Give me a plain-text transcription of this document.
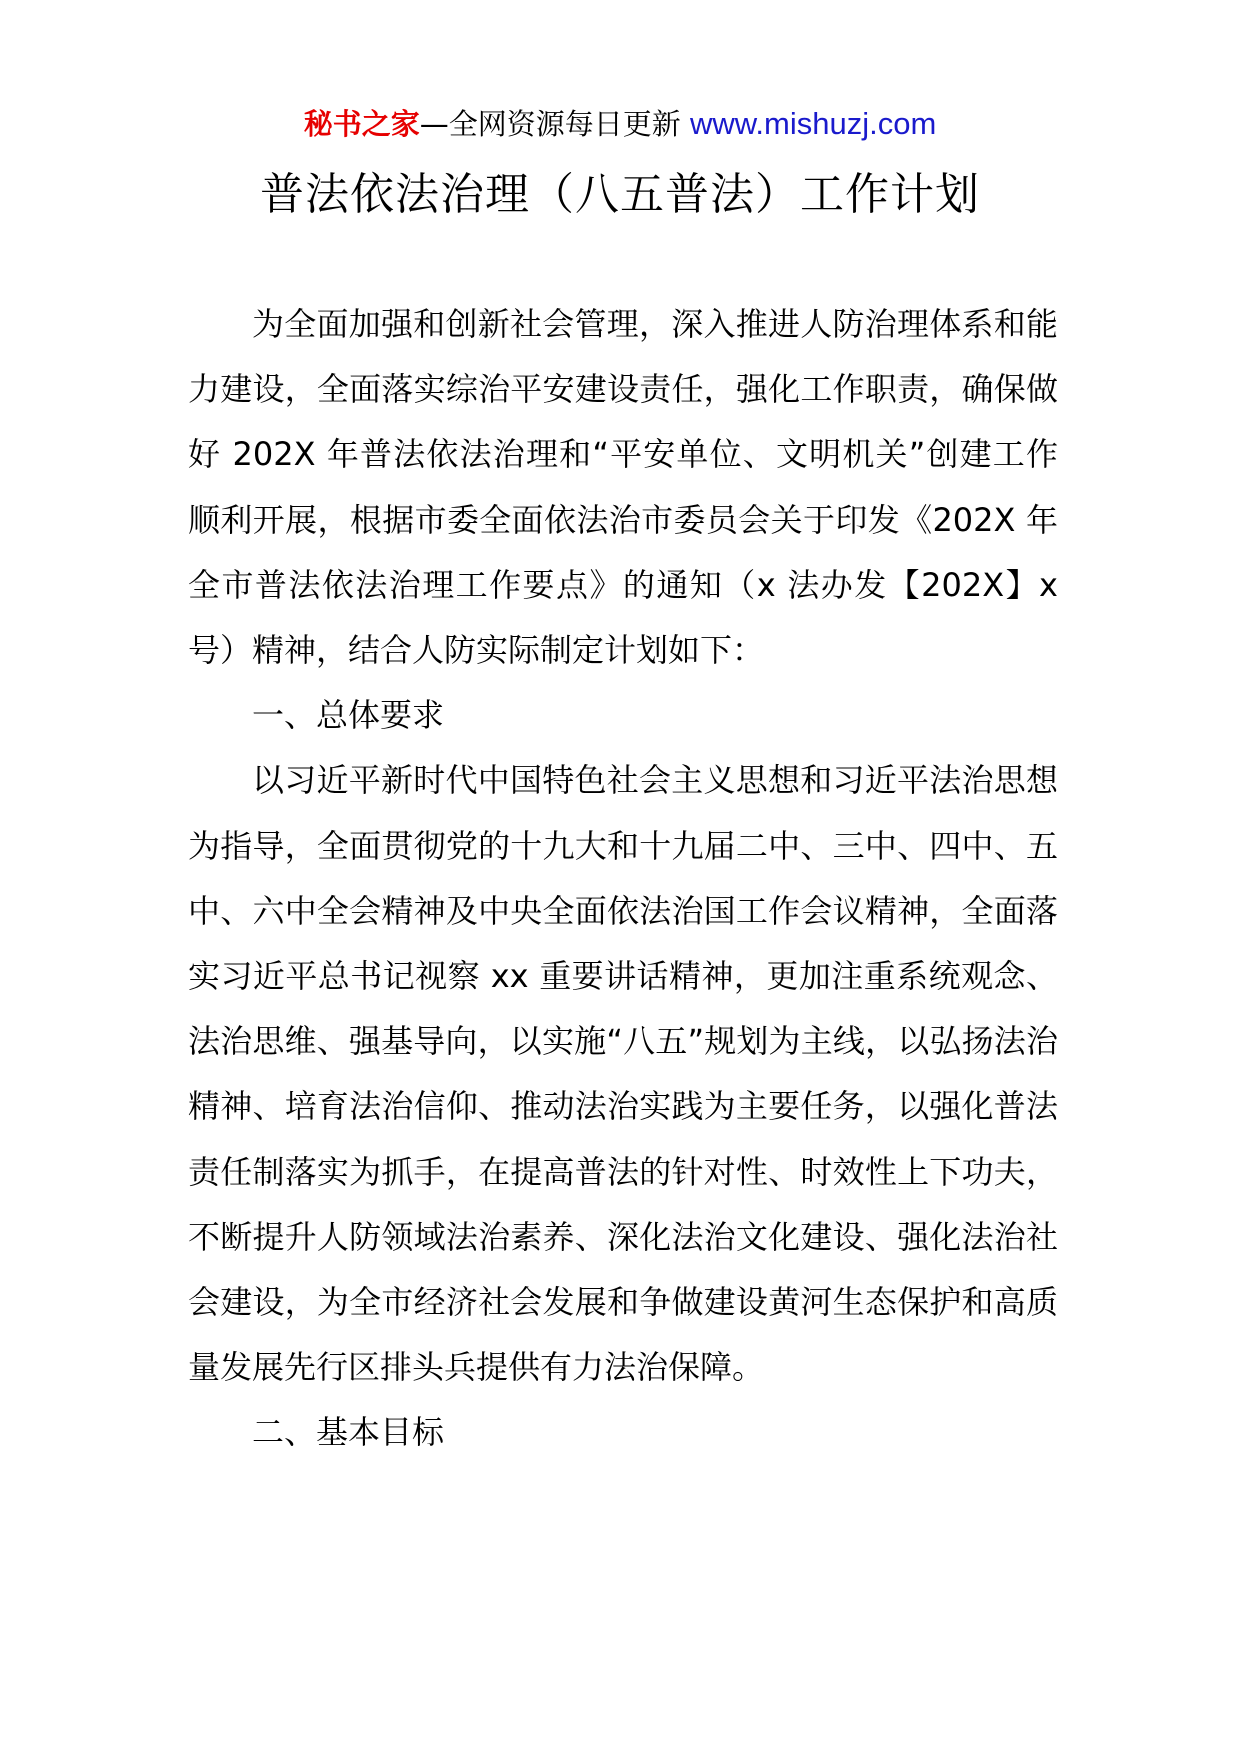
秘书之家—全网资源每日更新 www.mishuzj.com
普法依法治理（八五普法）工作计划

为全面加强和创新社会管理，深入推进人防治理体系和能力建设，全面落实综治平安建设责任，强化工作职责，确保做好 202X 年普法依法治理和“平安单位、文明机关”创建工作顺利开展，根据市委全面依法治市委员会关于印发《202X 年全市普法依法治理工作要点》的通知（x 法办发【202X】x 号）精神，结合人防实际制定计划如下：

一、总体要求

以习近平新时代中国特色社会主义思想和习近平法治思想为指导，全面贯彻党的十九大和十九届二中、三中、四中、五中、六中全会精神及中央全面依法治国工作会议精神，全面落实习近平总书记视察 xx 重要讲话精神，更加注重系统观念、法治思维、强基导向，以实施“八五”规划为主线，以弘扬法治精神、培育法治信仰、推动法治实践为主要任务，以强化普法责任制落实为抓手，在提高普法的针对性、时效性上下功夫，不断提升人防领域法治素养、深化法治文化建设、强化法治社会建设，为全市经济社会发展和争做建设黄河生态保护和高质量发展先行区排头兵提供有力法治保障。

二、基本目标
